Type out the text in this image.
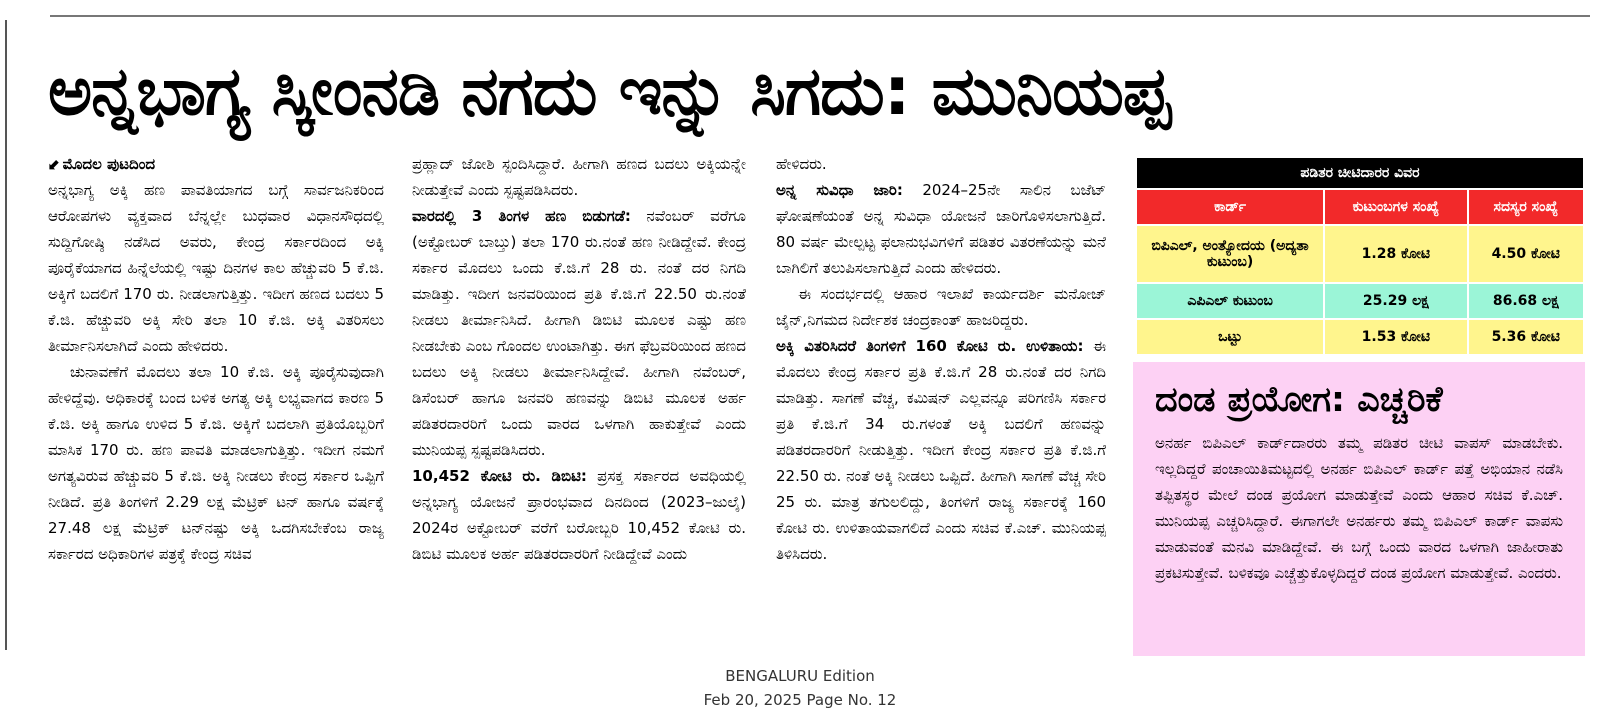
ಅನ್ನಭಾಗ್ಯ ಸ್ಕೀಂನಡಿ ನಗದು ಇನ್ನು ಸಿಗದು: ಮುನಿಯಪ್ಪ

⬋ ಮೊದಲ ಪುಟದಿಂದ

ಅನ್ನಭಾಗ್ಯ ಅಕ್ಕಿ ಹಣ ಪಾವತಿಯಾಗದ ಬಗ್ಗೆ ಸಾರ್ವಜನಿಕರಿಂದ ಆರೋಪಗಳು ವ್ಯಕ್ತವಾದ ಬೆನ್ನಲ್ಲೇ ಬುಧವಾರ ವಿಧಾನಸೌಧದಲ್ಲಿ ಸುದ್ದಿಗೋಷ್ಠಿ ನಡೆಸಿದ ಅವರು, ಕೇಂದ್ರ ಸರ್ಕಾರದಿಂದ ಅಕ್ಕಿ ಪೂರೈಕೆಯಾಗದ ಹಿನ್ನೆಲೆಯಲ್ಲಿ ಇಷ್ಟು ದಿನಗಳ ಕಾಲ ಹೆಚ್ಚುವರಿ 5 ಕೆ.ಜಿ. ಅಕ್ಕಿಗೆ ಬದಲಿಗೆ 170 ರು. ನೀಡಲಾಗುತ್ತಿತ್ತು. ಇದೀಗ ಹಣದ ಬದಲು 5 ಕೆ.ಜಿ. ಹೆಚ್ಚುವರಿ ಅಕ್ಕಿ ಸೇರಿ ತಲಾ 10 ಕೆ.ಜಿ. ಅಕ್ಕಿ ವಿತರಿಸಲು ತೀರ್ಮಾನಿಸಲಾಗಿದೆ ಎಂದು ಹೇಳಿದರು.

ಚುನಾವಣೆಗೆ ಮೊದಲು ತಲಾ 10 ಕೆ.ಜಿ. ಅಕ್ಕಿ ಪೂರೈಸುವುದಾಗಿ ಹೇಳಿದ್ದೆವು. ಅಧಿಕಾರಕ್ಕೆ ಬಂದ ಬಳಿಕ ಅಗತ್ಯ ಅಕ್ಕಿ ಲಭ್ಯವಾಗದ ಕಾರಣ 5 ಕೆ.ಜಿ. ಅಕ್ಕಿ ಹಾಗೂ ಉಳಿದ 5 ಕೆ.ಜಿ. ಅಕ್ಕಿಗೆ ಬದಲಾಗಿ ಪ್ರತಿಯೊಬ್ಬರಿಗೆ ಮಾಸಿಕ 170 ರು. ಹಣ ಪಾವತಿ ಮಾಡಲಾಗುತ್ತಿತ್ತು. ಇದೀಗ ನಮಗೆ ಅಗತ್ಯವಿರುವ ಹೆಚ್ಚುವರಿ 5 ಕೆ.ಜಿ. ಅಕ್ಕಿ ನೀಡಲು ಕೇಂದ್ರ ಸರ್ಕಾರ ಒಪ್ಪಿಗೆ ನೀಡಿದೆ. ಪ್ರತಿ ತಿಂಗಳಿಗೆ 2.29 ಲಕ್ಷ ಮೆಟ್ರಿಕ್ ಟನ್ ಹಾಗೂ ವರ್ಷಕ್ಕೆ 27.48 ಲಕ್ಷ ಮೆಟ್ರಿಕ್ ಟನ್‌ನಷ್ಟು ಅಕ್ಕಿ ಒದಗಿಸಬೇಕೆಂಬ ರಾಜ್ಯ ಸರ್ಕಾರದ ಅಧಿಕಾರಿಗಳ ಪತ್ರಕ್ಕೆ ಕೇಂದ್ರ ಸಚಿವ

ಪ್ರಹ್ಲಾದ್ ಜೋಶಿ ಸ್ಪಂದಿಸಿದ್ದಾರೆ. ಹೀಗಾಗಿ ಹಣದ ಬದಲು ಅಕ್ಕಿಯನ್ನೇ ನೀಡುತ್ತೇವೆ ಎಂದು ಸ್ಪಷ್ಟಪಡಿಸಿದರು.

ವಾರದಲ್ಲಿ 3 ತಿಂಗಳ ಹಣ ಬಿಡುಗಡೆ: ನವೆಂಬರ್ ವರೆಗೂ (ಅಕ್ಟೋಬರ್ ಬಾಬ್ತು) ತಲಾ 170 ರು.ನಂತೆ ಹಣ ನೀಡಿದ್ದೇವೆ. ಕೇಂದ್ರ ಸರ್ಕಾರ ಮೊದಲು ಒಂದು ಕೆ.ಜಿ.ಗೆ 28 ರು. ನಂತೆ ದರ ನಿಗದಿ ಮಾಡಿತ್ತು. ಇದೀಗ ಜನವರಿಯಿಂದ ಪ್ರತಿ ಕೆ.ಜಿ.ಗೆ 22.50 ರು.ನಂತೆ ನೀಡಲು ತೀರ್ಮಾನಿಸಿದೆ. ಹೀಗಾಗಿ ಡಿಬಿಟಿ ಮೂಲಕ ಎಷ್ಟು ಹಣ ನೀಡಬೇಕು ಎಂಬ ಗೊಂದಲ ಉಂಟಾಗಿತ್ತು. ಈಗ ಫೆಬ್ರವರಿಯಿಂದ ಹಣದ ಬದಲು ಅಕ್ಕಿ ನೀಡಲು ತೀರ್ಮಾನಿಸಿದ್ದೇವೆ. ಹೀಗಾಗಿ ನವೆಂಬರ್, ಡಿಸೆಂಬರ್ ಹಾಗೂ ಜನವರಿ ಹಣವನ್ನು ಡಿಬಿಟಿ ಮೂಲಕ ಅರ್ಹ ಪಡಿತರದಾರರಿಗೆ ಒಂದು ವಾರದ ಒಳಗಾಗಿ ಹಾಕುತ್ತೇವೆ ಎಂದು ಮುನಿಯಪ್ಪ ಸ್ಪಷ್ಟಪಡಿಸಿದರು.

10,452 ಕೋಟಿ ರು. ಡಿಬಿಟಿ: ಪ್ರಸಕ್ತ ಸರ್ಕಾರದ ಅವಧಿಯಲ್ಲಿ ಅನ್ನಭಾಗ್ಯ ಯೋಜನೆ ಪ್ರಾರಂಭವಾದ ದಿನದಿಂದ (2023–ಜುಲೈ) 2024ರ ಅಕ್ಟೋಬರ್ ವರೆಗೆ ಬರೋಬ್ಬರಿ 10,452 ಕೋಟಿ ರು. ಡಿಬಿಟಿ ಮೂಲಕ ಅರ್ಹ ಪಡಿತರದಾರರಿಗೆ ನೀಡಿದ್ದೇವೆ ಎಂದು

ಹೇಳಿದರು.

ಅನ್ನ ಸುವಿಧಾ ಜಾರಿ: 2024–25ನೇ ಸಾಲಿನ ಬಜೆಟ್ ಘೋಷಣೆಯಂತೆ ಅನ್ನ ಸುವಿಧಾ ಯೋಜನೆ ಜಾರಿಗೊಳಿಸಲಾಗುತ್ತಿದೆ. 80 ವರ್ಷ ಮೇಲ್ಪಟ್ಟ ಫಲಾನುಭವಿಗಳಿಗೆ ಪಡಿತರ ವಿತರಣೆಯನ್ನು ಮನೆ ಬಾಗಿಲಿಗೆ ತಲುಪಿಸಲಾಗುತ್ತಿದೆ ಎಂದು ಹೇಳಿದರು.

ಈ ಸಂದರ್ಭದಲ್ಲಿ ಆಹಾರ ಇಲಾಖೆ ಕಾರ್ಯದರ್ಶಿ ಮನೋಜ್ ಜೈನ್,ನಿಗಮದ ನಿರ್ದೇಶಕ ಚಂದ್ರಕಾಂತ್ ಹಾಜರಿದ್ದರು.

ಅಕ್ಕಿ ವಿತರಿಸಿದರೆ ತಿಂಗಳಿಗೆ 160 ಕೋಟಿ ರು. ಉಳಿತಾಯ: ಈ ಮೊದಲು ಕೇಂದ್ರ ಸರ್ಕಾರ ಪ್ರತಿ ಕೆ.ಜಿ.ಗೆ 28 ರು.ನಂತೆ ದರ ನಿಗದಿ ಮಾಡಿತ್ತು. ಸಾಗಣೆ ವೆಚ್ಚ, ಕಮಿಷನ್ ಎಲ್ಲವನ್ನೂ ಪರಿಗಣಿಸಿ ಸರ್ಕಾರ ಪ್ರತಿ ಕೆ.ಜಿ.ಗೆ 34 ರು.ಗಳಂತೆ ಅಕ್ಕಿ ಬದಲಿಗೆ ಹಣವನ್ನು ಪಡಿತರದಾರರಿಗೆ ನೀಡುತ್ತಿತ್ತು. ಇದೀಗ ಕೇಂದ್ರ ಸರ್ಕಾರ ಪ್ರತಿ ಕೆ.ಜಿ.ಗೆ 22.50 ರು. ನಂತೆ ಅಕ್ಕಿ ನೀಡಲು ಒಪ್ಪಿದೆ. ಹೀಗಾಗಿ ಸಾಗಣೆ ವೆಚ್ಚ ಸೇರಿ 25 ರು. ಮಾತ್ರ ತಗುಲಲಿದ್ದು, ತಿಂಗಳಿಗೆ ರಾಜ್ಯ ಸರ್ಕಾರಕ್ಕೆ 160 ಕೋಟಿ ರು. ಉಳಿತಾಯವಾಗಲಿದೆ ಎಂದು ಸಚಿವ ಕೆ.ಎಚ್. ಮುನಿಯಪ್ಪ ತಿಳಿಸಿದರು.

ಪಡಿತರ ಚೀಟಿದಾರರ ವಿವರ		
ಕಾರ್ಡ್	ಕುಟುಂಬಗಳ ಸಂಖ್ಯೆ	ಸದಸ್ಯರ ಸಂಖ್ಯೆ
ಬಿಪಿಎಲ್, ಅಂತ್ಯೋದಯ (ಅದ್ಯತಾ ಕುಟುಂಬ)	1.28 ಕೋಟಿ	4.50 ಕೋಟಿ
ಎಪಿಎಲ್ ಕುಟುಂಬ	25.29 ಲಕ್ಷ	86.68 ಲಕ್ಷ
ಒಟ್ಟು	1.53 ಕೋಟಿ	5.36 ಕೋಟಿ
ದಂಡ ಪ್ರಯೋಗ: ಎಚ್ಚರಿಕೆ
ಅನರ್ಹ ಬಿಪಿಎಲ್ ಕಾರ್ಡ್‌ದಾರರು ತಮ್ಮ ಪಡಿತರ ಚೀಟಿ ವಾಪಸ್ ಮಾಡಬೇಕು. ಇಲ್ಲದಿದ್ದರೆ ಪಂಚಾಯಿತಿಮಟ್ಟದಲ್ಲಿ ಅನರ್ಹ ಬಿಪಿಎಲ್ ಕಾರ್ಡ್ ಪತ್ತೆ ಅಭಿಯಾನ ನಡೆಸಿ ತಪ್ಪಿತಸ್ಥರ ಮೇಲೆ ದಂಡ ಪ್ರಯೋಗ ಮಾಡುತ್ತೇವೆ ಎಂದು ಆಹಾರ ಸಚಿವ ಕೆ.ಎಚ್. ಮುನಿಯಪ್ಪ ಎಚ್ಚರಿಸಿದ್ದಾರೆ. ಈಗಾಗಲೇ ಅನರ್ಹರು ತಮ್ಮ ಬಿಪಿಎಲ್ ಕಾರ್ಡ್ ವಾಪಸು ಮಾಡುವಂತೆ ಮನವಿ ಮಾಡಿದ್ದೇವೆ. ಈ ಬಗ್ಗೆ ಒಂದು ವಾರದ ಒಳಗಾಗಿ ಜಾಹೀರಾತು ಪ್ರಕಟಿಸುತ್ತೇವೆ. ಬಳಿಕವೂ ಎಚ್ಚೆತ್ತುಕೊಳ್ಳದಿದ್ದರೆ ದಂಡ ಪ್ರಯೋಗ ಮಾಡುತ್ತೇವೆ. ಎಂದರು.
BENGALURU Edition
Feb 20, 2025 Page No. 12
